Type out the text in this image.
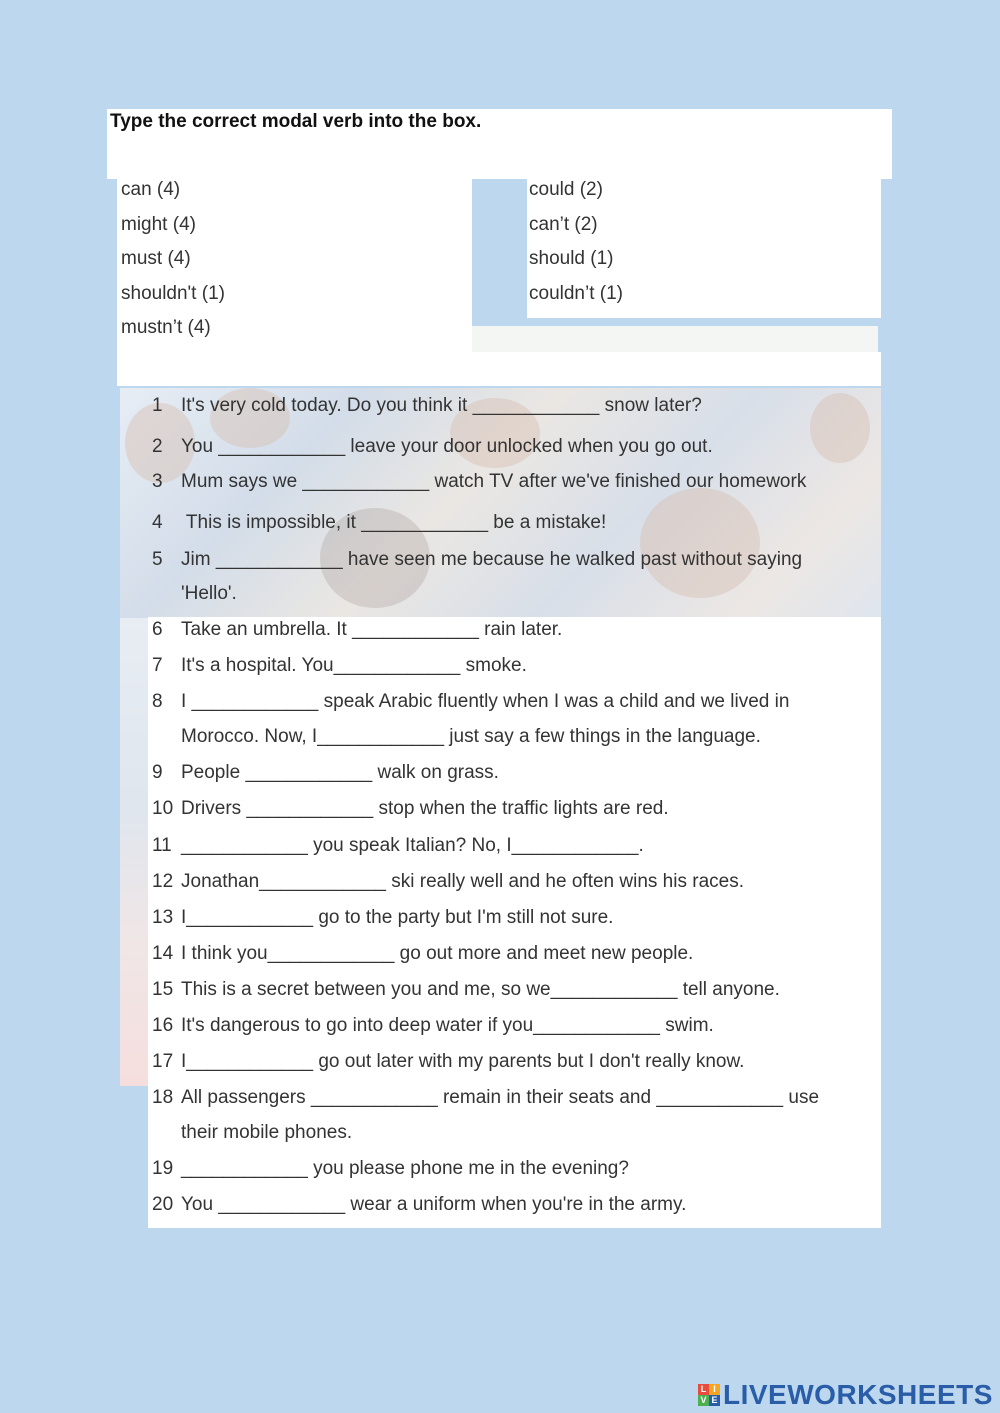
Type the correct modal verb into the box.
can (4)
might (4)
must (4)
shouldn't (1)
mustn’t (4)
could (2)
can’t (2)
should (1)
couldn’t (1)
1 It's very cold today. Do you think it ____________ snow later?
2 You ____________ leave your door unlocked when you go out.
3 Mum says we ____________ watch TV after we've finished our homework
4 This is impossible, it ____________ be a mistake!
5 Jim ____________ have seen me because he walked past without saying
'Hello'.
6 Take an umbrella. It ____________ rain later.
7 It's a hospital. You____________ smoke.
8 I ____________ speak Arabic fluently when I was a child and we lived in
Morocco. Now, I____________ just say a few things in the language.
9 People ____________ walk on grass.
10 Drivers ____________ stop when the traffic lights are red.
11 ____________ you speak Italian? No, I____________.
12 Jonathan____________ ski really well and he often wins his races.
13 I____________ go to the party but I'm still not sure.
14 I think you____________ go out more and meet new people.
15 This is a secret between you and me, so we____________ tell anyone.
16 It's dangerous to go into deep water if you____________ swim.
17 I____________ go out later with my parents but I don't really know.
18 All passengers ____________ remain in their seats and ____________ use
their mobile phones.
19 ____________ you please phone me in the evening?
20 You ____________ wear a uniform when you're in the army.
L I
V E LIVEWORKSHEETS
